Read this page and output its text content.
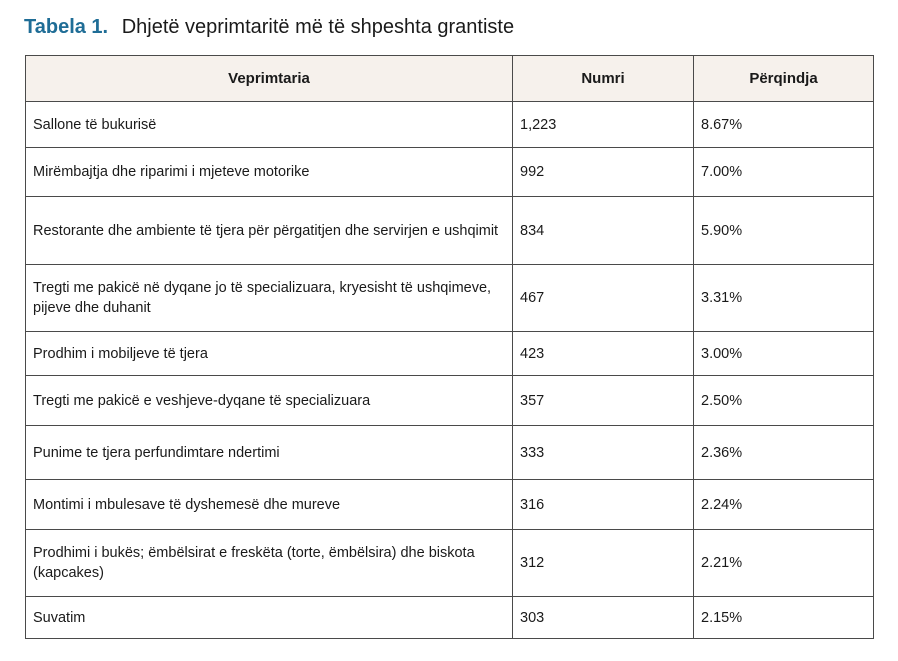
Tabela 1. Dhjetë veprimtaritë më të shpeshta grantiste
Veprimtaria	Numri	Përqindja
Sallone të bukurisë	1,223	8.67%
Mirëmbajtja dhe riparimi i mjeteve motorike	992	7.00%
Restorante dhe ambiente të tjera për përgatitjen dhe servirjen e ushqimit	834	5.90%
Tregti me pakicë në dyqane jo të specializuara, kryesisht të ushqimeve, pijeve dhe duhanit	467	3.31%
Prodhim i mobiljeve të tjera	423	3.00%
Tregti me pakicë e veshjeve-dyqane të specializuara	357	2.50%
Punime te tjera perfundimtare ndertimi	333	2.36%
Montimi i mbulesave të dyshemesë dhe mureve	316	2.24%
Prodhimi i bukës; ëmbëlsirat e freskëta (torte, ëmbëlsira) dhe biskota (kapcakes)	312	2.21%
Suvatim	303	2.15%
